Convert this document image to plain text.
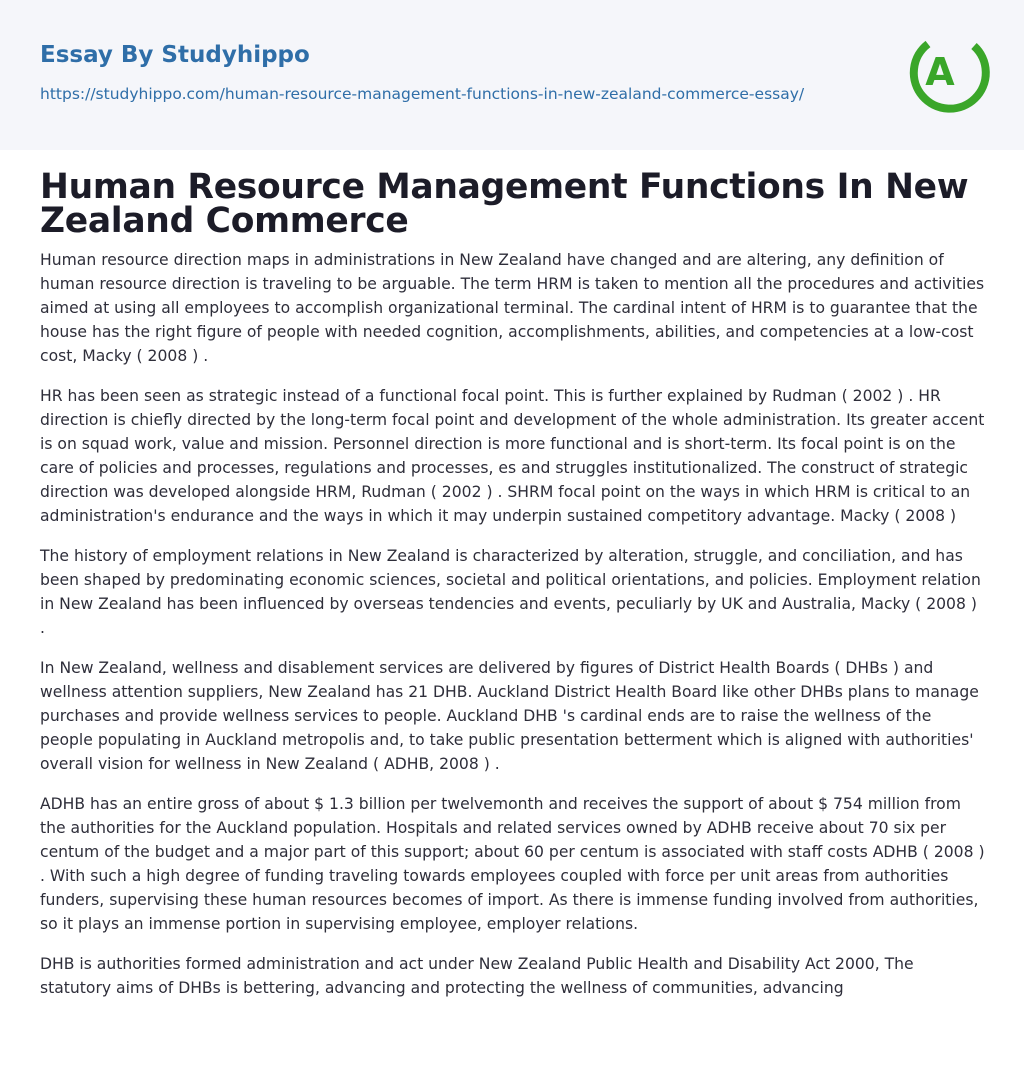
Essay By Studyhippo
https://studyhippo.com/human-resource-management-functions-in-new-zealand-commerce-essay/	A
Human Resource Management Functions In New Zealand Commerce

Human resource direction maps in administrations in New Zealand have changed and are altering, any definition of human resource direction is traveling to be arguable. The term HRM is taken to mention all the procedures and activities aimed at using all employees to accomplish organizational terminal. The cardinal intent of HRM is to guarantee that the house has the right figure of people with needed cognition, accomplishments, abilities, and competencies at a low-cost cost, Macky ( 2008 ) .

HR has been seen as strategic instead of a functional focal point. This is further explained by Rudman ( 2002 ) . HR direction is chiefly directed by the long-term focal point and development of the whole administration. Its greater accent is on squad work, value and mission. Personnel direction is more functional and is short-term. Its focal point is on the care of policies and processes, regulations and processes, es and struggles institutionalized. The construct of strategic direction was developed alongside HRM, Rudman ( 2002 ) . SHRM focal point on the ways in which HRM is critical to an administration's endurance and the ways in which it may underpin sustained competitory advantage. Macky ( 2008 )

The history of employment relations in New Zealand is characterized by alteration, struggle, and conciliation, and has been shaped by predominating economic sciences, societal and political orientations, and policies. Employment relation in New Zealand has been influenced by overseas tendencies and events, peculiarly by UK and Australia, Macky ( 2008 ) .

In New Zealand, wellness and disablement services are delivered by figures of District Health Boards ( DHBs ) and wellness attention suppliers, New Zealand has 21 DHB. Auckland District Health Board like other DHBs plans to manage purchases and provide wellness services to people. Auckland DHB 's cardinal ends are to raise the wellness of the people populating in Auckland metropolis and, to take public presentation betterment which is aligned with authorities' overall vision for wellness in New Zealand ( ADHB, 2008 ) .

ADHB has an entire gross of about $ 1.3 billion per twelvemonth and receives the support of about $ 754 million from the authorities for the Auckland population. Hospitals and related services owned by ADHB receive about 70 six per centum of the budget and a major part of this support; about 60 per centum is associated with staff costs ADHB ( 2008 ) . With such a high degree of funding traveling towards employees coupled with force per unit areas from authorities funders, supervising these human resources becomes of import. As there is immense funding involved from authorities, so it plays an immense portion in supervising employee, employer relations.

DHB is authorities formed administration and act under New Zealand Public Health and Disability Act 2000, The statutory aims of DHBs is bettering, advancing and protecting the wellness of communities, advancing
